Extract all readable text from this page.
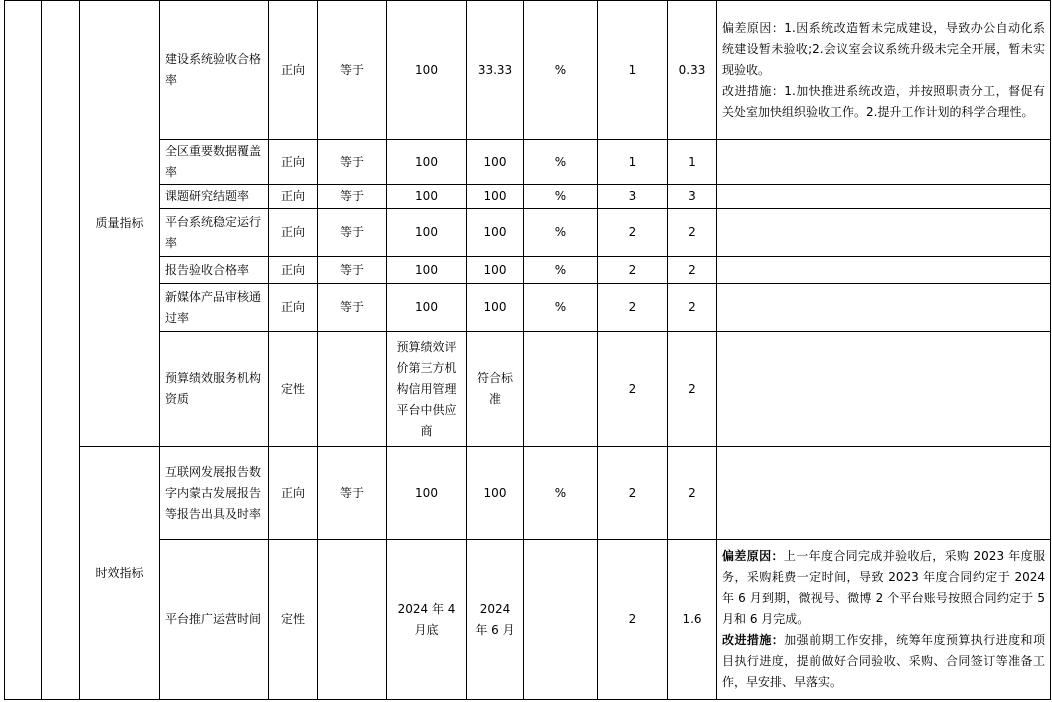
		质量指标	建设系统验收合格率	正向	等于	100	33.33	%	1	0.33	偏差原因：1.因系统改造暂未完成建设，导致办公自动化系统建设暂未验收;2.会议室会议系统升级未完全开展，暂未实现验收。
改进措施：1.加快推进系统改造，并按照职责分工，督促有关处室加快组织验收工作。2.提升工作计划的科学合理性。

			全区重要数据覆盖率	正向	等于	100	100	%	1	1	
			课题研究结题率	正向	等于	100	100	%	3	3	
			平台系统稳定运行率	正向	等于	100	100	%	2	2	
			报告验收合格率	正向	等于	100	100	%	2	2	
			新媒体产品审核通过率	正向	等于	100	100	%	2	2	
			预算绩效服务机构资质	定性		预算绩效评价第三方机构信用管理平台中供应商	符合标准		2	2	
		时效指标	互联网发展报告数字内蒙古发展报告等报告出具及时率	正向	等于	100	100	%	2	2	
			平台推广运营时间	定性		2024 年 4 月底	2024 年 6 月		2	1.6	偏差原因：上一年度合同完成并验收后，采购 2023 年度服务，采购耗费一定时间，导致 2023 年度合同约定于 2024 年 6 月到期，微视号、微博 2 个平台账号按照合同约定于 5 月和 6 月完成。
改进措施：加强前期工作安排，统筹年度预算执行进度和项目执行进度，提前做好合同验收、采购、合同签订等准备工作，早安排、早落实。
